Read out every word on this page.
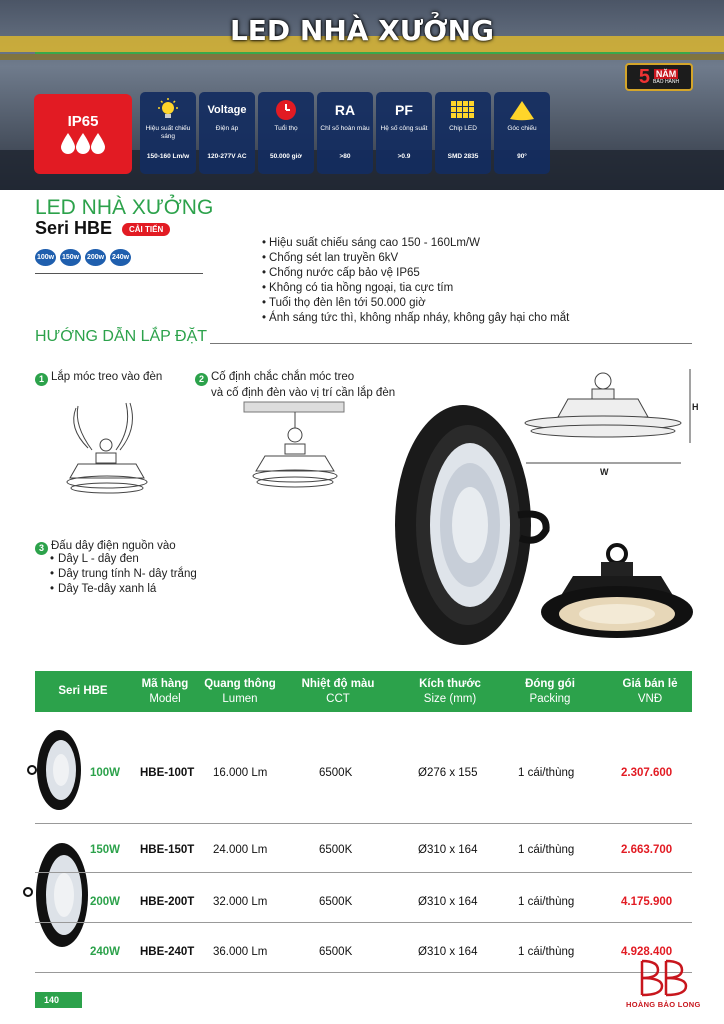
LED NHÀ XƯỞNG
5 NĂM
BẢO HÀNH
IP65	Hiệu suất chiếu sáng
150-160 Lm/w
Voltage
Điện áp
120-277V AC
Tuổi thọ
50.000 giờ
RA
Chỉ số hoàn màu
>80
PF
Hệ số công suất
>0.9
Chip LED
SMD 2835
Góc chiếu
90°
LED NHÀ XƯỞNG
Seri HBE	CẢI TIẾN
100w 150w 200w 240w
• Hiệu suất chiếu sáng cao 150 - 160Lm/W
• Chống sét lan truyền 6kV
• Chống nước cấp bảo vệ IP65
• Không có tia hồng ngoại, tia cực tím
• Tuổi thọ đèn lên tới 50.000 giờ
• Ánh sáng tức thì, không nhấp nháy, không gây hại cho mắt
HƯỚNG DẪN LẮP ĐẶT
1 Lắp móc treo vào đèn	2 Cố định chắc chắn móc treo
và cố định đèn vào vị trí cần lắp đèn
3 Đấu dây điện nguồn vào
• Dây L - dây đen
• Dây trung tính N- dây trắng
• Dây Te-dây xanh lá
H
W
Seri HBE
Mã hàng
Model
Quang thông
Lumen
Nhiệt độ màu
CCT
Kích thước
Size (mm)
Đóng gói
Packing
Giá bán lẻ
VNĐ
100W HBE-100T 16.000 Lm	6500K	Ø276 x 155	1 cái/thùng	2.307.600
150W HBE-150T 24.000 Lm	6500K	Ø310 x 164	1 cái/thùng	2.663.700
200W HBE-200T 32.000 Lm	6500K	Ø310 x 164	1 cái/thùng	4.175.900
240W HBE-240T 36.000 Lm	6500K	Ø310 x 164	1 cái/thùng	4.928.400
140	HOÀNG BẢO LONG
